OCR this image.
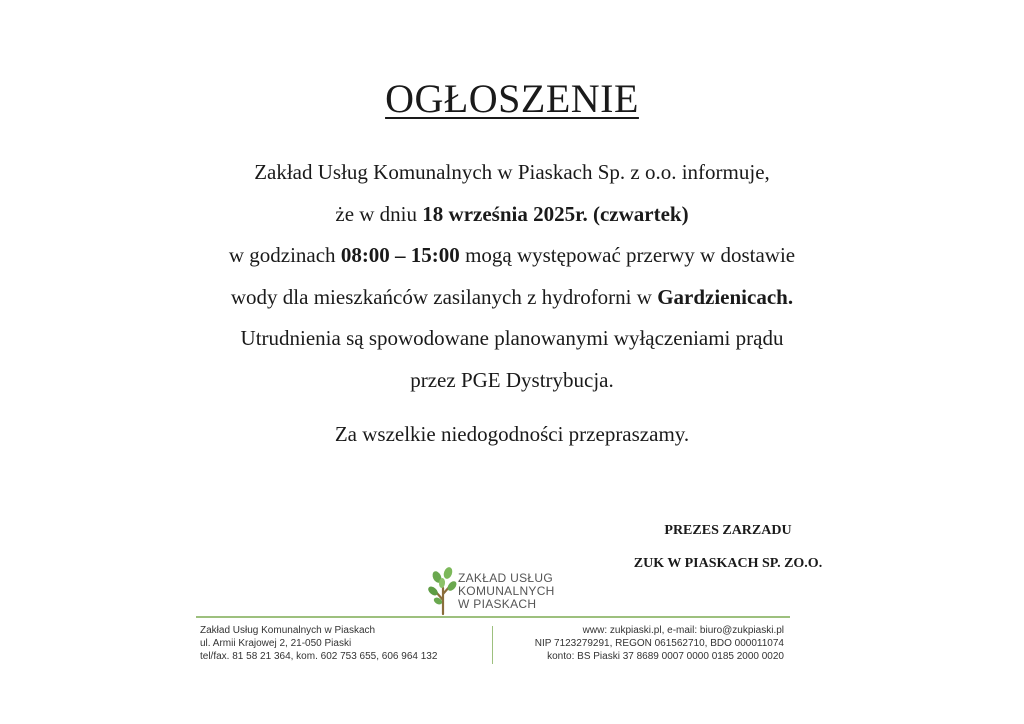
OGŁOSZENIE
Zakład Usług Komunalnych w Piaskach Sp. z o.o. informuje,
że w dniu 18 września 2025r. (czwartek)
w godzinach 08:00 – 15:00 mogą występować przerwy w dostawie
wody dla mieszkańców zasilanych z hydroforni w Gardzienicach.
Utrudnienia są spowodowane planowanymi wyłączeniami prądu
przez PGE Dystrybucja.
Za wszelkie niedogodności przepraszamy.
PREZES ZARZADU
ZUK W PIASKACH SP. ZO.O.
ZAKŁAD USŁUG
KOMUNALNYCH
W PIASKACH
Zakład Usług Komunalnych w Piaskach
ul. Armii Krajowej 2, 21-050 Piaski
tel/fax. 81 58 21 364, kom. 602 753 655, 606 964 132
www: zukpiaski.pl, e-mail: biuro@zukpiaski.pl
NIP 7123279291, REGON 061562710, BDO 000011074
konto: BS Piaski 37 8689 0007 0000 0185 2000 0020
